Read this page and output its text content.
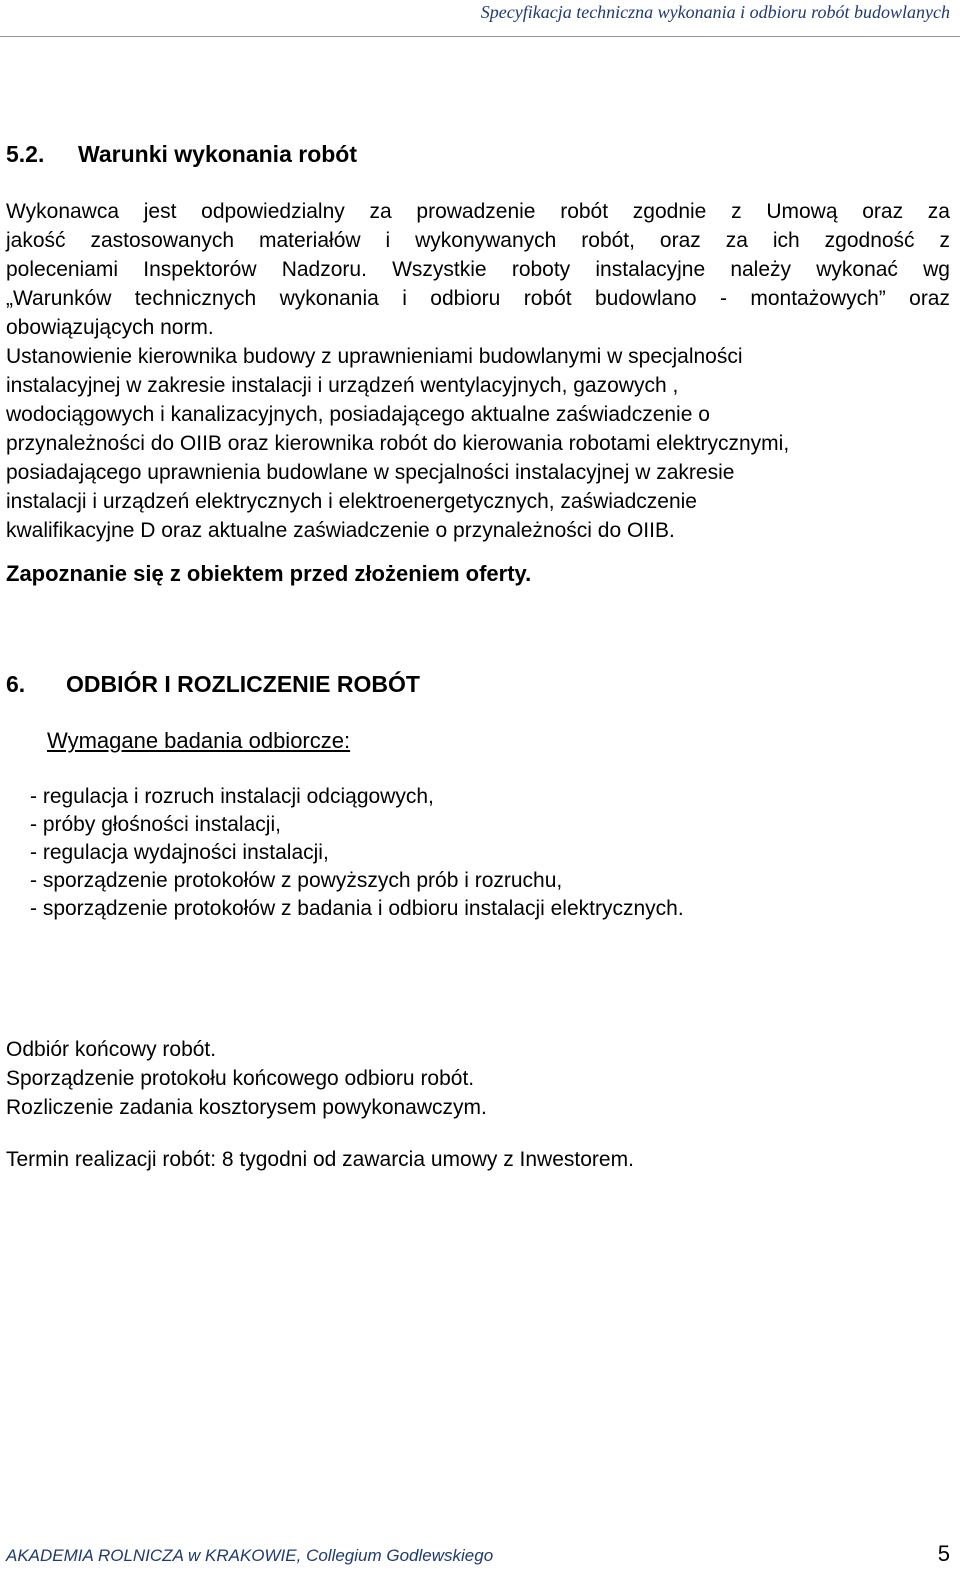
Specyfikacja techniczna wykonania i odbioru robót budowlanych
5.2. Warunki wykonania robót
Wykonawca jest odpowiedzialny za prowadzenie robót zgodnie z Umową oraz za
jakość zastosowanych materiałów i wykonywanych robót, oraz za ich zgodność z
poleceniami Inspektorów Nadzoru. Wszystkie roboty instalacyjne należy wykonać wg
„Warunków technicznych wykonania i odbioru robót budowlano - montażowych” oraz
obowiązujących norm.
Ustanowienie kierownika budowy z uprawnieniami budowlanymi w specjalności
instalacyjnej w zakresie instalacji i urządzeń wentylacyjnych, gazowych ,
wodociągowych i kanalizacyjnych, posiadającego aktualne zaświadczenie o
przynależności do OIIB oraz kierownika robót do kierowania robotami elektrycznymi,
posiadającego uprawnienia budowlane w specjalności instalacyjnej w zakresie
instalacji i urządzeń elektrycznych i elektroenergetycznych, zaświadczenie
kwalifikacyjne D oraz aktualne zaświadczenie o przynależności do OIIB.
Zapoznanie się z obiektem przed złożeniem oferty.
6. ODBIÓR I ROZLICZENIE ROBÓT
Wymagane badania odbiorcze:
- regulacja i rozruch instalacji odciągowych,
- próby głośności instalacji,
- regulacja wydajności instalacji,
- sporządzenie protokołów z powyższych prób i rozruchu,
- sporządzenie protokołów z badania i odbioru instalacji elektrycznych.
Odbiór końcowy robót.
Sporządzenie protokołu końcowego odbioru robót.
Rozliczenie zadania kosztorysem powykonawczym.
Termin realizacji robót: 8 tygodni od zawarcia umowy z Inwestorem.
AKADEMIA ROLNICZA w KRAKOWIE, Collegium Godlewskiego	5
